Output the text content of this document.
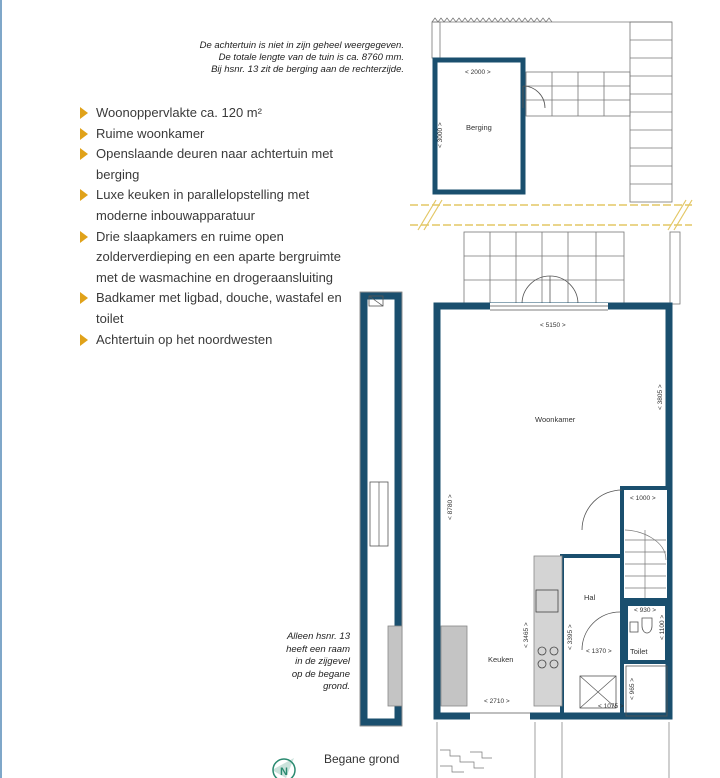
De achtertuin is niet in zijn geheel weergegeven.
De totale lengte van de tuin is ca. 8760 mm.
Bij hsnr. 13 zit de berging aan de rechterzijde.
Woonoppervlakte ca. 120 m²
Ruime woonkamer
Openslaande deuren naar achtertuin met berging
Luxe keuken in parallelopstelling met moderne inbouwapparatuur
Drie slaapkamers en ruime open zolderverdieping en een aparte bergruimte met de wasmachine en drogeraansluiting
Badkamer met ligbad, douche, wastafel en toilet
Achtertuin op het noordwesten
Alleen hsnr. 13
heeft een raam
in de zijgevel
op de begane
grond.
< 2000 >
< 3000 >	Berging
< 5150 >
< 3805 >
< 8780 >
Woonkamer
< 1000 >
Hal
< 3395 >
< 1370 >
< 1075 >
< 930 >
< 1100 >
Toilet
< 965 >
Keuken
< 3465 >
< 2710 >
N
Begane grond
